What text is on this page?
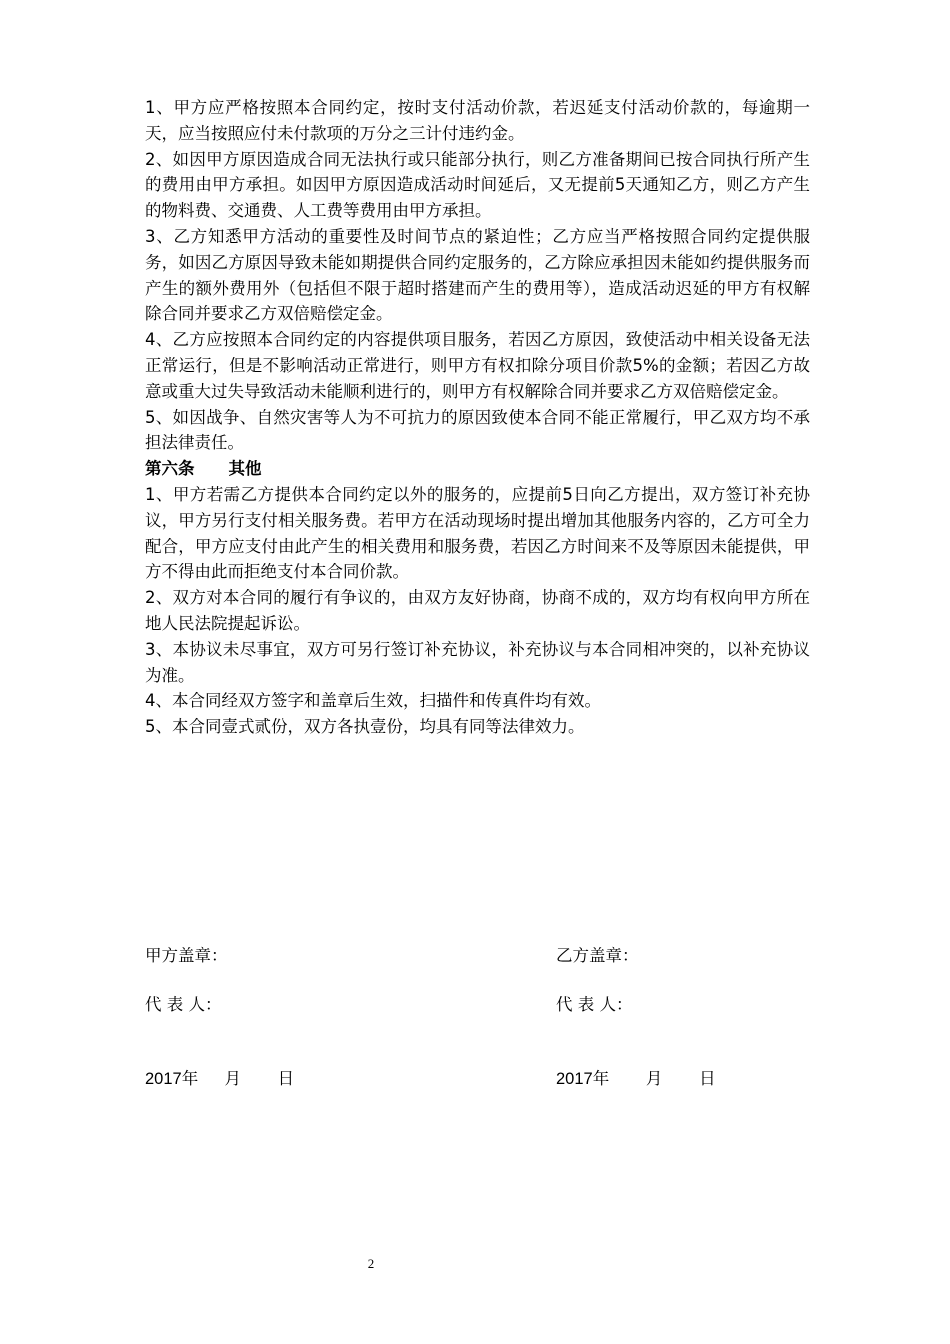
1、甲方应严格按照本合同约定，按时支付活动价款，若迟延支付活动价款的，每逾期一天，应当按照应付未付款项的万分之三计付违约金。

2、如因甲方原因造成合同无法执行或只能部分执行，则乙方准备期间已按合同执行所产生的费用由甲方承担。如因甲方原因造成活动时间延后，又无提前5天通知乙方，则乙方产生的物料费、交通费、人工费等费用由甲方承担。

3、乙方知悉甲方活动的重要性及时间节点的紧迫性；乙方应当严格按照合同约定提供服务，如因乙方原因导致未能如期提供合同约定服务的，乙方除应承担因未能如约提供服务而产生的额外费用外（包括但不限于超时搭建而产生的费用等），造成活动迟延的甲方有权解除合同并要求乙方双倍赔偿定金。

4、乙方应按照本合同约定的内容提供项目服务，若因乙方原因，致使活动中相关设备无法正常运行，但是不影响活动正常进行，则甲方有权扣除分项目价款5%的金额；若因乙方故意或重大过失导致活动未能顺利进行的，则甲方有权解除合同并要求乙方双倍赔偿定金。

5、如因战争、自然灾害等人为不可抗力的原因致使本合同不能正常履行，甲乙双方均不承担法律责任。

第六条 其他

1、甲方若需乙方提供本合同约定以外的服务的，应提前5日向乙方提出，双方签订补充协议，甲方另行支付相关服务费。若甲方在活动现场时提出增加其他服务内容的，乙方可全力配合，甲方应支付由此产生的相关费用和服务费，若因乙方时间来不及等原因未能提供，甲方不得由此而拒绝支付本合同价款。

2、双方对本合同的履行有争议的，由双方友好协商，协商不成的，双方均有权向甲方所在地人民法院提起诉讼。

3、本协议未尽事宜，双方可另行签订补充协议，补充协议与本合同相冲突的，以补充协议为准。

4、本合同经双方签字和盖章后生效，扫描件和传真件均有效。

5、本合同壹式贰份，双方各执壹份，均具有同等法律效力。

甲方盖章：	乙方盖章：
代 表 人：	代 表 人：
2017年     月       日	2017年       月       日
2
